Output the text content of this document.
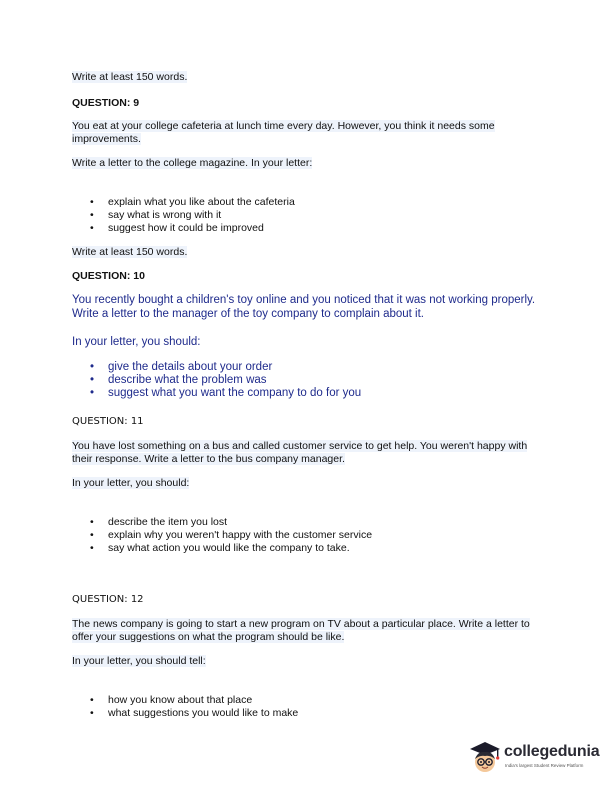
Write at least 150 words.
QUESTION: 9
You eat at your college cafeteria at lunch time every day. However, you think it needs some improvements.
Write a letter to the college magazine. In your letter:
• explain what you like about the cafeteria
• say what is wrong with it
• suggest how it could be improved
Write at least 150 words.
QUESTION: 10
You recently bought a children's toy online and you noticed that it was not working properly. Write a letter to the manager of the toy company to complain about it.
In your letter, you should:
• give the details about your order
• describe what the problem was
• suggest what you want the company to do for you
QUESTION: 11
You have lost something on a bus and called customer service to get help. You weren't happy with their response. Write a letter to the bus company manager.
In your letter, you should:
• describe the item you lost
• explain why you weren't happy with the customer service
• say what action you would like the company to take.
QUESTION: 12
The news company is going to start a new program on TV about a particular place. Write a letter to offer your suggestions on what the program should be like.
In your letter, you should tell:
• how you know about that place
• what suggestions you would like to make
collegedunia
India's largest Student Review Platform
